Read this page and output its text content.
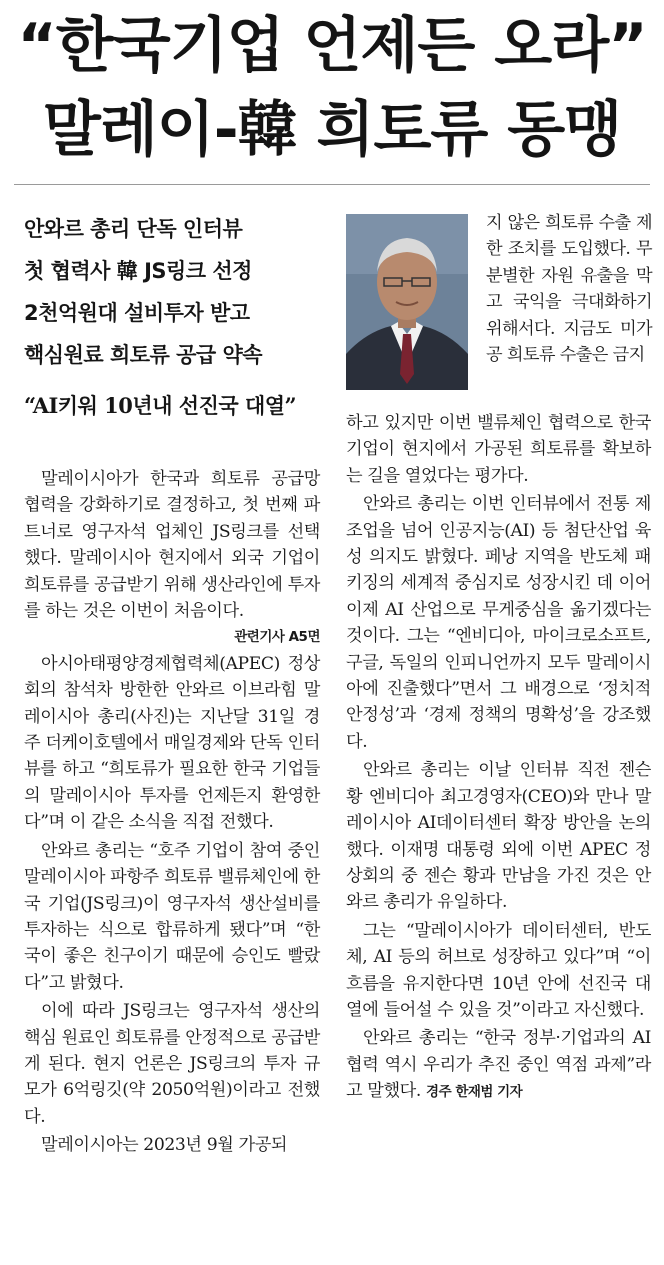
“한국기업 언제든 오라”
말레이-韓 희토류 동맹
안와르 총리 단독 인터뷰
첫 협력사 韓 JS링크 선정
2천억원대 설비투자 받고
핵심원료 희토류 공급 약속
“AI키워 10년내 선진국 대열”

지 않은 희토류 수출 제한 조치를 도입했다. 무분별한 자원 유출을 막고 국익을 극대화하기 위해서다. 지금도 미가공 희토류 수출은 금지

말레이시아가 한국과 희토류 공급망 협력을 강화하기로 결정하고, 첫 번째 파트너로 영구자석 업체인 JS링크를 선택했다. 말레이시아 현지에서 외국 기업이 희토류를 공급받기 위해 생산라인에 투자를 하는 것은 이번이 처음이다.

관련기사 A5면

아시아태평양경제협력체(APEC) 정상회의 참석차 방한한 안와르 이브라힘 말레이시아 총리(사진)는 지난달 31일 경주 더케이호텔에서 매일경제와 단독 인터뷰를 하고 “희토류가 필요한 한국 기업들의 말레이시아 투자를 언제든지 환영한다”며 이 같은 소식을 직접 전했다.

안와르 총리는 “호주 기업이 참여 중인 말레이시아 파항주 희토류 밸류체인에 한국 기업(JS링크)이 영구자석 생산설비를 투자하는 식으로 합류하게 됐다”며 “한국이 좋은 친구이기 때문에 승인도 빨랐다”고 밝혔다.

이에 따라 JS링크는 영구자석 생산의 핵심 원료인 희토류를 안정적으로 공급받게 된다. 현지 언론은 JS링크의 투자 규모가 6억링깃(약 2050억원)이라고 전했다.

말레이시아는 2023년 9월 가공되

하고 있지만 이번 밸류체인 협력으로 한국 기업이 현지에서 가공된 희토류를 확보하는 길을 열었다는 평가다.

안와르 총리는 이번 인터뷰에서 전통 제조업을 넘어 인공지능(AI) 등 첨단산업 육성 의지도 밝혔다. 페낭 지역을 반도체 패키징의 세계적 중심지로 성장시킨 데 이어 이제 AI 산업으로 무게중심을 옮기겠다는 것이다. 그는 “엔비디아, 마이크로소프트, 구글, 독일의 인피니언까지 모두 말레이시아에 진출했다”면서 그 배경으로 ‘정치적 안정성’과 ‘경제 정책의 명확성’을 강조했다.

안와르 총리는 이날 인터뷰 직전 젠슨 황 엔비디아 최고경영자(CEO)와 만나 말레이시아 AI데이터센터 확장 방안을 논의했다. 이재명 대통령 외에 이번 APEC 정상회의 중 젠슨 황과 만남을 가진 것은 안와르 총리가 유일하다.

그는 “말레이시아가 데이터센터, 반도체, AI 등의 허브로 성장하고 있다”며 “이 흐름을 유지한다면 10년 안에 선진국 대열에 들어설 수 있을 것”이라고 자신했다.

안와르 총리는 “한국 정부·기업과의 AI 협력 역시 우리가 추진 중인 역점 과제”라고 말했다. 경주 한재범 기자
